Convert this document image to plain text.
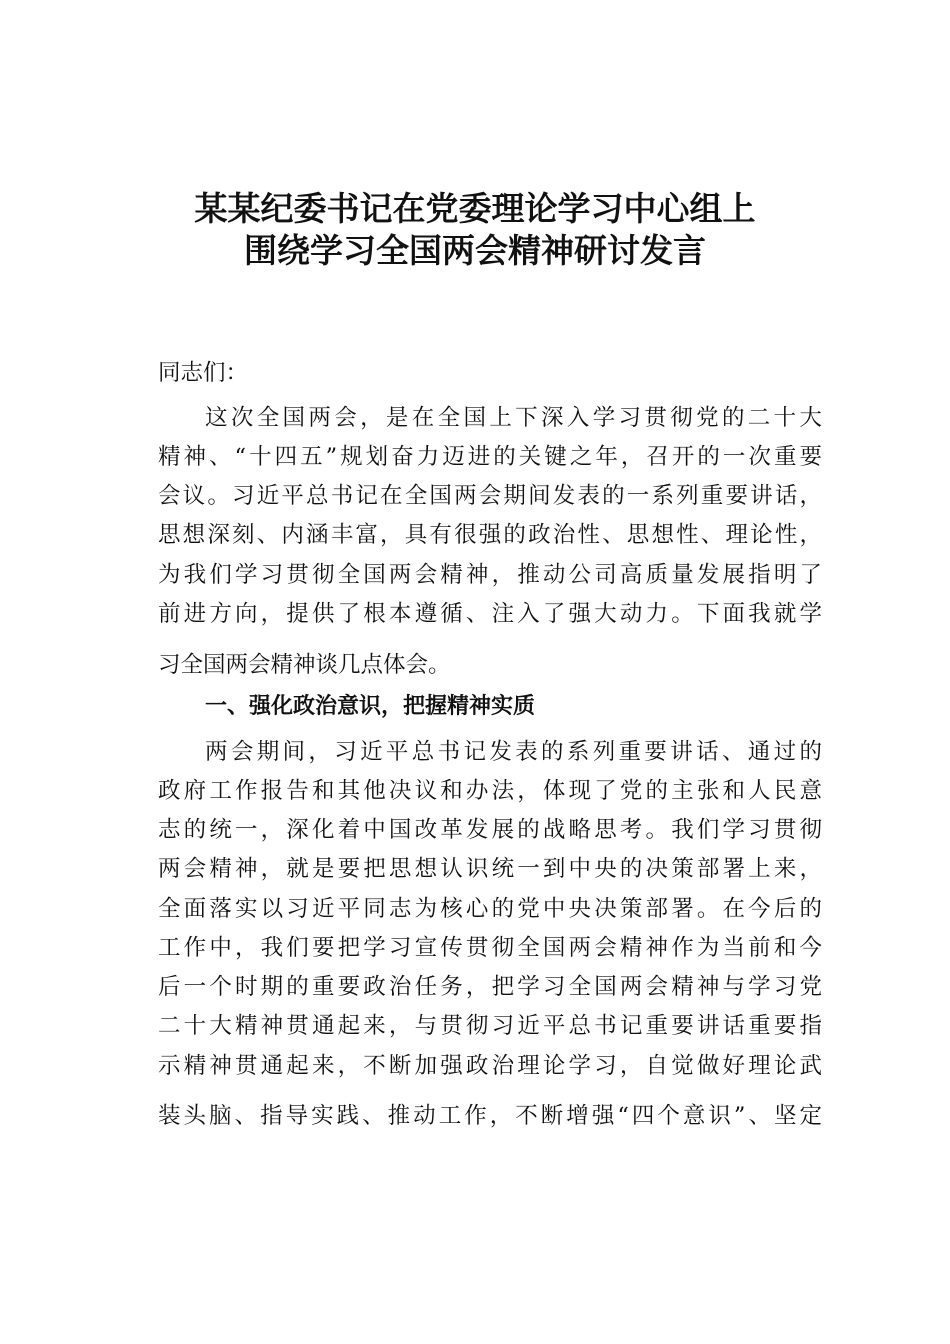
某某纪委书记在党委理论学习中心组上
围绕学习全国两会精神研讨发言
同志们：
这次全国两会，是在全国上下深入学习贯彻党的二十大
精神、“十四五”规划奋力迈进的关键之年，召开的一次重要
会议。习近平总书记在全国两会期间发表的一系列重要讲话，
思想深刻、内涵丰富，具有很强的政治性、思想性、理论性，
为我们学习贯彻全国两会精神，推动公司高质量发展指明了
前进方向，提供了根本遵循、注入了强大动力。下面我就学
习全国两会精神谈几点体会。
一、强化政治意识，把握精神实质
两会期间，习近平总书记发表的系列重要讲话、通过的
政府工作报告和其他决议和办法，体现了党的主张和人民意
志的统一，深化着中国改革发展的战略思考。我们学习贯彻
两会精神，就是要把思想认识统一到中央的决策部署上来，
全面落实以习近平同志为核心的党中央决策部署。在今后的
工作中，我们要把学习宣传贯彻全国两会精神作为当前和今
后一个时期的重要政治任务，把学习全国两会精神与学习党
二十大精神贯通起来，与贯彻习近平总书记重要讲话重要指
示精神贯通起来，不断加强政治理论学习，自觉做好理论武
装头脑、指导实践、推动工作，不断增强“四个意识”、坚定
